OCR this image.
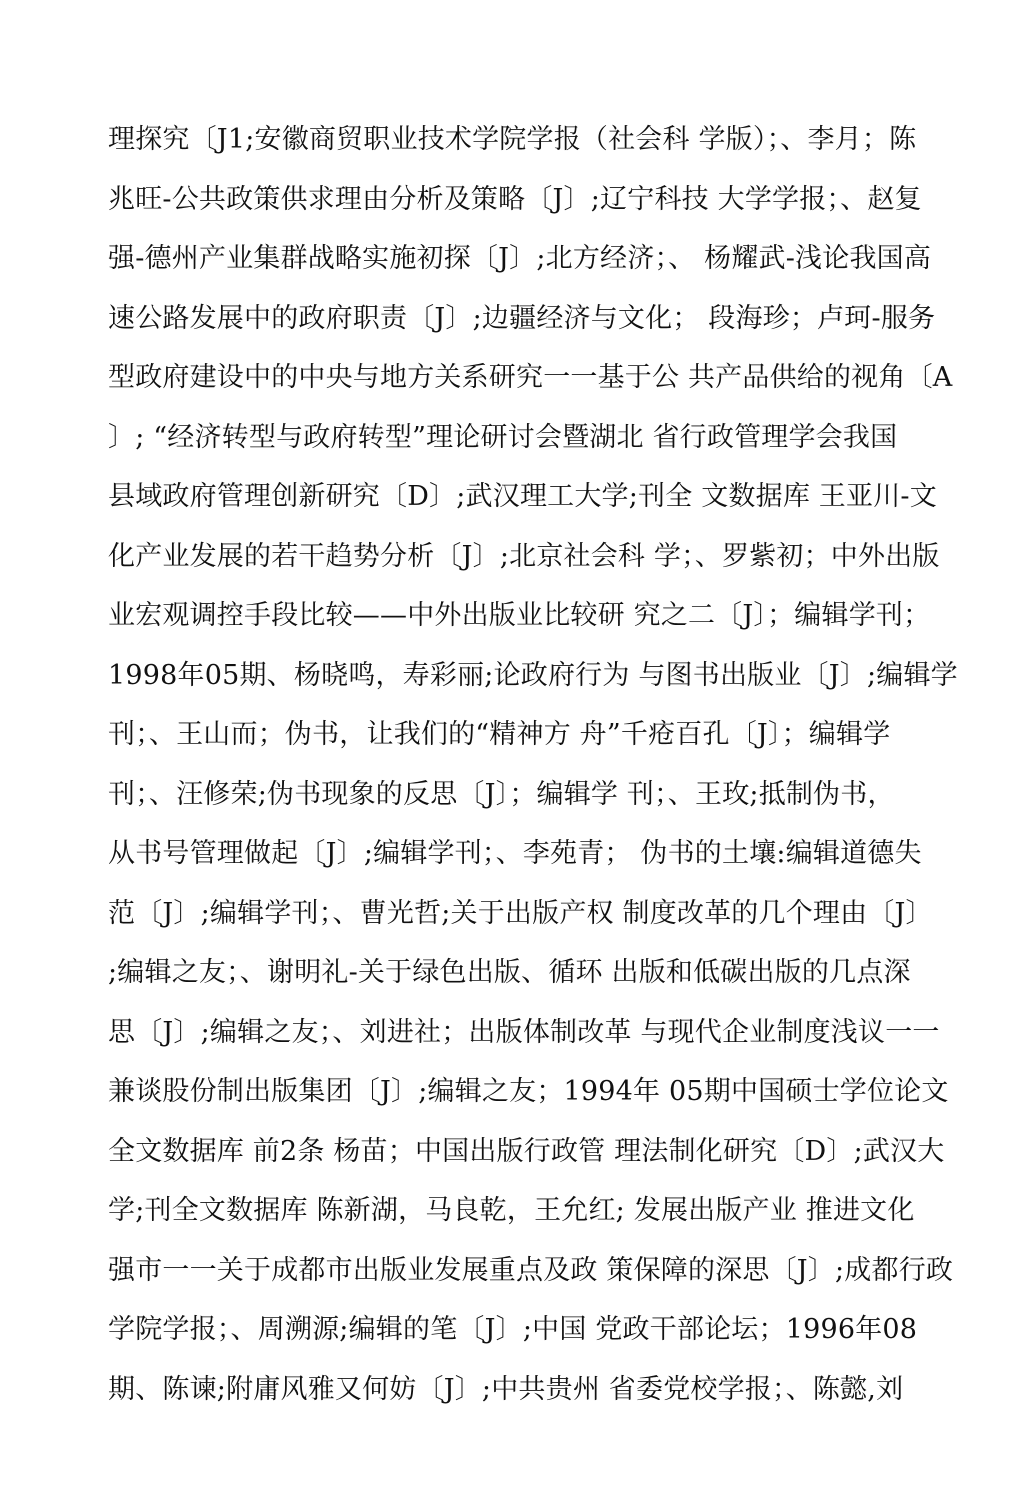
理探究〔J1;安徽商贸职业技术学院学报（社会科 学版）；、李月；陈
兆旺-公共政策供求理由分析及策略〔J〕;辽宁科技 大学学报；、赵复
强-德州产业集群战略实施初探〔J〕;北方经济；、 杨耀武-浅论我国高
速公路发展中的政府职责〔J〕;边疆经济与文化； 段海珍；卢珂-服务
型政府建设中的中央与地方关系研究一一基于公 共产品供给的视角〔A
〕; “经济转型与政府转型”理论研讨会暨湖北 省行政管理学会我国
县域政府管理创新研究〔D〕;武汉理工大学;刊全 文数据库 王亚川-文
化产业发展的若干趋势分析〔J〕;北京社会科 学；、罗紫初；中外出版
业宏观调控手段比较——中外出版业比较研 究之二〔J〕；编辑学刊；
1998年05期、杨晓鸣，寿彩丽;论政府行为 与图书出版业〔J〕;编辑学
刊；、王山而；伪书，让我们的“精神方 舟”千疮百孔〔J〕；编辑学
刊；、汪修荣;伪书现象的反思〔J〕；编辑学 刊；、王玫;抵制伪书，
从书号管理做起〔J〕;编辑学刊；、李苑青； 伪书的土壤:编辑道德失
范〔J〕;编辑学刊；、曹光哲;关于出版产权 制度改革的几个理由〔J〕
;编辑之友；、谢明礼-关于绿色出版、循环 出版和低碳出版的几点深
思〔J〕;编辑之友；、刘进社；出版体制改革 与现代企业制度浅议一一
兼谈股份制出版集团〔J〕;编辑之友；1994年 05期中国硕士学位论文
全文数据库 前2条 杨苗；中国出版行政管 理法制化研究〔D〕;武汉大
学;刊全文数据库 陈新湖，马良乾，王允红; 发展出版产业 推进文化
强市一一关于成都市出版业发展重点及政 策保障的深思〔J〕;成都行政
学院学报；、周溯源;编辑的笔〔J〕;中国 党政干部论坛；1996年08
期、陈谏;附庸风雅又何妨〔J〕;中共贵州 省委党校学报；、陈懿,刘
